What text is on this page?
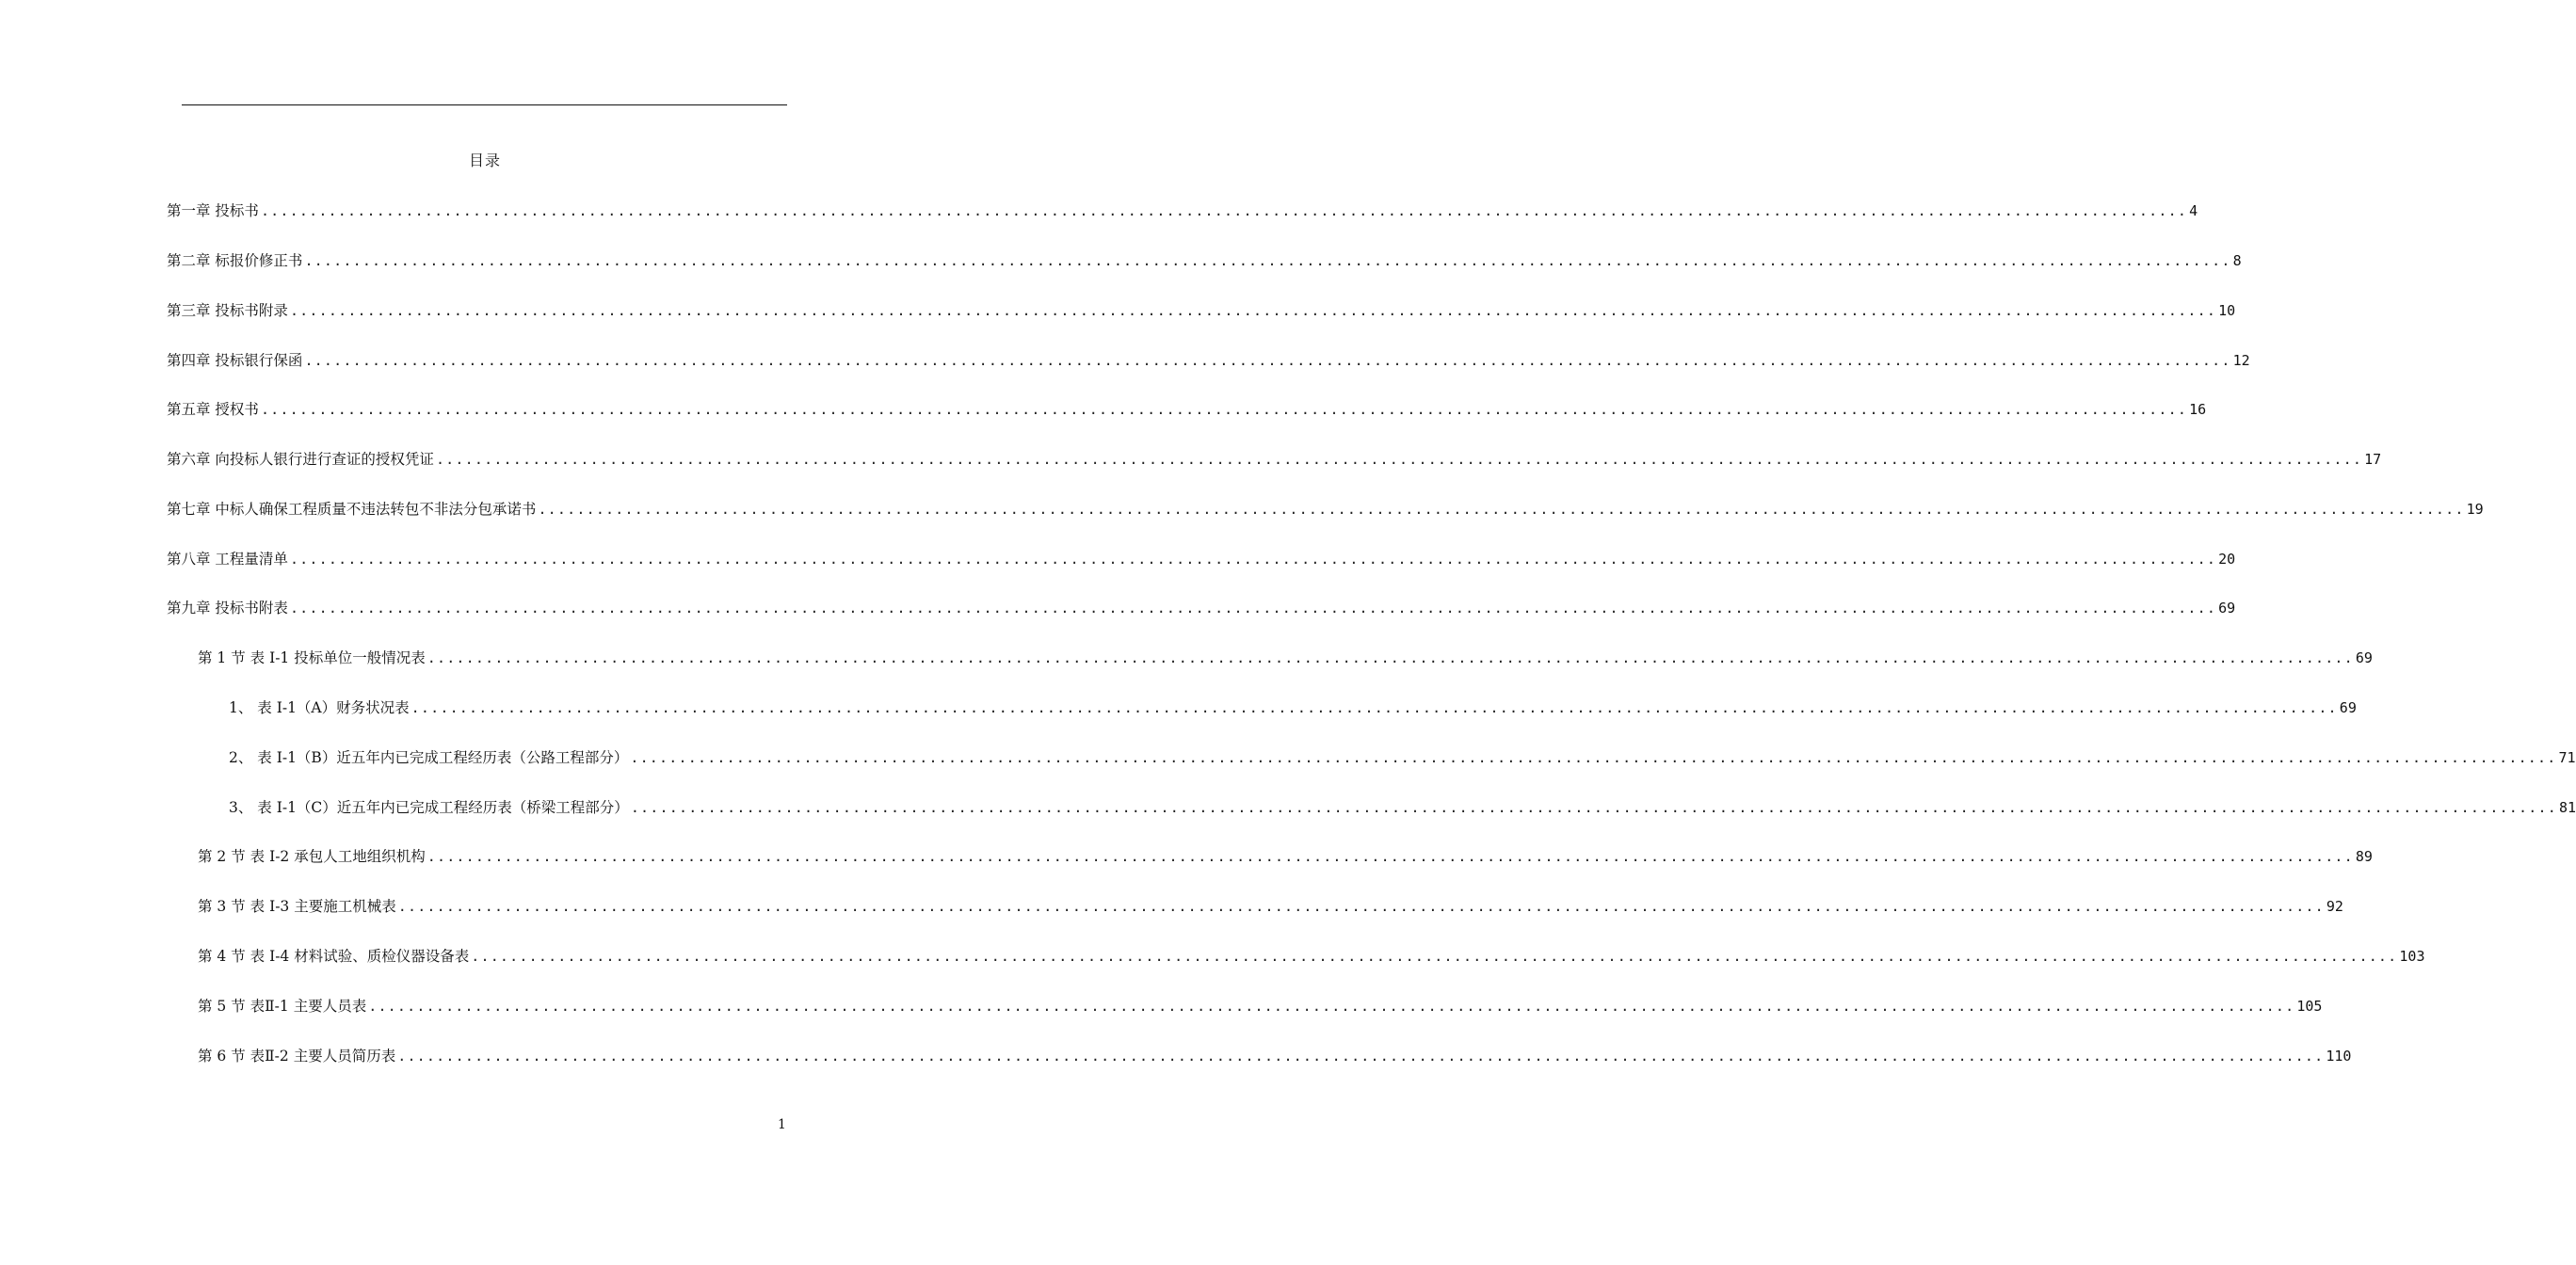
目录
第一章 投标书 ........................................................................................................................................................................................................ 4
第二章 标报价修正书 ........................................................................................................................................................................................................ 8
第三章 投标书附录 ........................................................................................................................................................................................................ 10
第四章 投标银行保函 ........................................................................................................................................................................................................ 12
第五章 授权书 ........................................................................................................................................................................................................ 16
第六章 向投标人银行进行查证的授权凭证 ........................................................................................................................................................................................................ 17
第七章 中标人确保工程质量不违法转包不非法分包承诺书 ........................................................................................................................................................................................................ 19
第八章 工程量清单 ........................................................................................................................................................................................................ 20
第九章 投标书附表 ........................................................................................................................................................................................................ 69
第 1 节 表 I-1 投标单位一般情况表 ........................................................................................................................................................................................................ 69
1、 表 I-1（A）财务状况表 ........................................................................................................................................................................................................ 69
2、 表 I-1（B）近五年内已完成工程经历表（公路工程部分） ........................................................................................................................................................................................................ 71
3、 表 I-1（C）近五年内已完成工程经历表（桥梁工程部分） ........................................................................................................................................................................................................ 81
第 2 节 表 I-2 承包人工地组织机构 ........................................................................................................................................................................................................ 89
第 3 节 表 I-3 主要施工机械表 ........................................................................................................................................................................................................ 92
第 4 节 表 I-4 材料试验、质检仪器设备表 ........................................................................................................................................................................................................ 103
第 5 节 表Ⅱ-1 主要人员表 ........................................................................................................................................................................................................ 105
第 6 节 表Ⅱ-2 主要人员简历表 ........................................................................................................................................................................................................ 110
1
